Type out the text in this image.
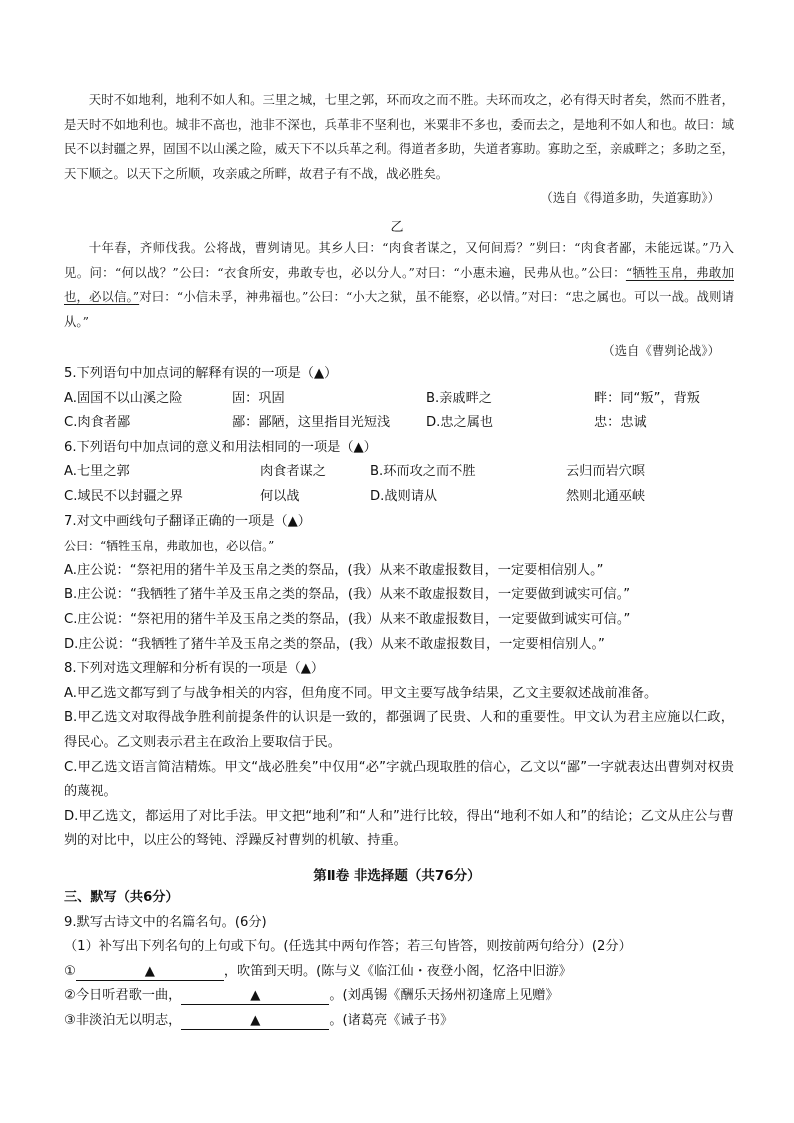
天时不如地利，地利不如人和。三里之城，七里之郭，环而攻之而不胜。夫环而攻之，必有得天时者矣，然而不胜者，是天时不如地利也。城非不高也，池非不深也，兵革非不坚利也，米粟非不多也，委而去之，是地利不如人和也。故曰：域民不以封疆之界，固国不以山溪之险，威天下不以兵革之利。得道者多助，失道者寡助。寡助之至，亲戚畔之；多助之至，天下顺之。以天下之所顺，攻亲戚之所畔，故君子有不战，战必胜矣。

（选自《得道多助，失道寡助》）
乙

十年春，齐师伐我。公将战，曹刿请见。其乡人曰：“肉食者谋之，又何间焉？”刿曰：“肉食者鄙，未能远谋。”乃入见。问：“何以战？”公曰：“衣食所安，弗敢专也，必以分人。”对曰：“小惠未遍，民弗从也。”公曰：“牺牲玉帛，弗敢加也，必以信。”对曰：“小信未孚，神弗福也。”公曰：“小大之狱，虽不能察，必以情。”对曰：“忠之属也。可以一战。战则请从。”

（选自《曹刿论战》）

5.下列语句中加点词的解释有误的一项是（▲）

A.固国不以山溪之险	固：巩固	B.亲戚畔之	畔：同“叛”，背叛
C.肉食者鄙	鄙：鄙陋，这里指目光短浅	D.忠之属也	忠：忠诚

6.下列语句中加点词的意义和用法相同的一项是（▲）

A.七里之郭	肉食者谋之	B.环而攻之而不胜	云归而岩穴暝
C.域民不以封疆之界	何以战	D.战则请从	然则北通巫峡

7.对文中画线句子翻译正确的一项是（▲）

公曰：“牺牲玉帛，弗敢加也，必以信。”

A.庄公说：“祭祀用的猪牛羊及玉帛之类的祭品，(我）从来不敢虚报数目，一定要相信别人。”

B.庄公说：“我牺牲了猪牛羊及玉帛之类的祭品，(我）从来不敢虚报数目，一定要做到诚实可信。”

C.庄公说：“祭祀用的猪牛羊及玉帛之类的祭品，(我）从来不敢虚报数目，一定要做到诚实可信。”

D.庄公说：“我牺牲了猪牛羊及玉帛之类的祭品，(我）从来不敢虚报数目，一定要相信别人。”

8.下列对选文理解和分析有误的一项是（▲）

A.甲乙选文都写到了与战争相关的内容，但角度不同。甲文主要写战争结果，乙文主要叙述战前准备。

B.甲乙选文对取得战争胜利前提条件的认识是一致的，都强调了民贵、人和的重要性。甲文认为君主应施以仁政，得民心。乙文则表示君主在政治上要取信于民。

C.甲乙选文语言简洁精炼。甲文“战必胜矣”中仅用“必”字就凸现取胜的信心，乙文以“鄙”一字就表达出曹刿对权贵的蔑视。

D.甲乙选文，都运用了对比手法。甲文把“地利”和“人和”进行比较，得出“地利不如人和”的结论；乙文从庄公与曹刿的对比中，以庄公的驽钝、浮躁反衬曹刿的机敏、持重。

第Ⅱ卷 非选择题（共76分）

三、默写（共6分）

9.默写古诗文中的名篇名句。(6分)

（1）补写出下列名句的上句或下句。(任选其中两句作答；若三句皆答，则按前两句给分）(2分）

①	▲	，吹笛到天明。(陈与义《临江仙・夜登小阁，忆洛中旧游》

②今日听君歌一曲，	▲	。(刘禹锡《酬乐天扬州初逢席上见赠》

③非淡泊无以明志，	▲	。(诸葛亮《诫子书》
